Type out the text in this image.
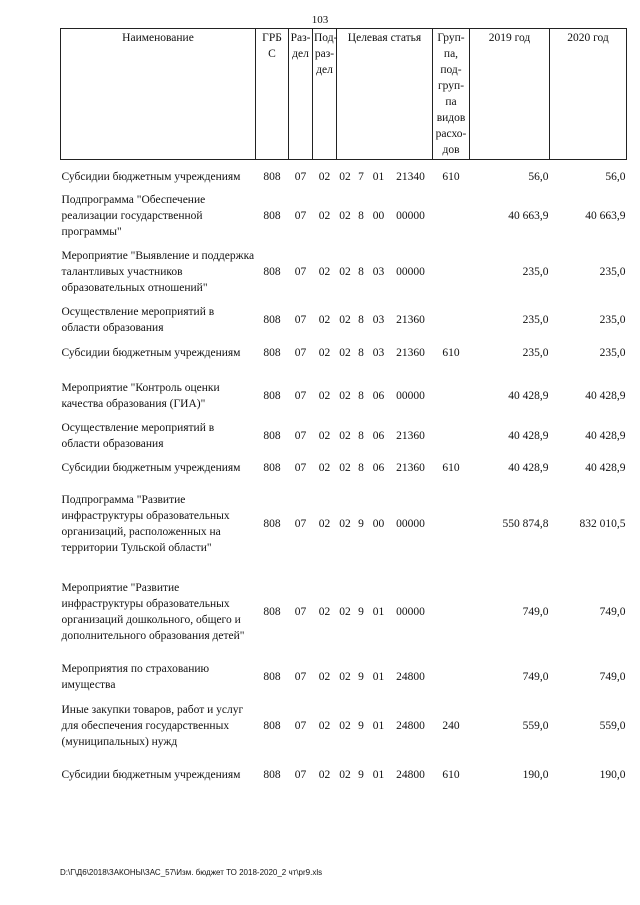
103
Наименование	ГРБ С	Раз- дел	Под- раз- дел	Целевая статья				Груп- па, под- груп- па видов расхо- дов	2019 год	2020 год
Субсидии бюджетным учреждениям	808	07	02	02	7	01	21340	610	56,0	56,0
Подпрограмма "Обеспечение реализации государственной программы"	808	07	02	02	8	00	00000		40 663,9	40 663,9
Мероприятие "Выявление и поддержка талантливых участников образовательных отношений"	808	07	02	02	8	03	00000		235,0	235,0
Осуществление мероприятий в области образования	808	07	02	02	8	03	21360		235,0	235,0
Субсидии бюджетным учреждениям	808	07	02	02	8	03	21360	610	235,0	235,0
Мероприятие "Контроль оценки качества образования (ГИА)"	808	07	02	02	8	06	00000		40 428,9	40 428,9
Осуществление мероприятий в области образования	808	07	02	02	8	06	21360		40 428,9	40 428,9
Субсидии бюджетным учреждениям	808	07	02	02	8	06	21360	610	40 428,9	40 428,9
Подпрограмма "Развитие инфраструктуры образовательных организаций, расположенных на территории Тульской области"	808	07	02	02	9	00	00000		550 874,8	832 010,5
Мероприятие "Развитие инфраструктуры образовательных организаций дошкольного, общего и дополнительного образования детей"	808	07	02	02	9	01	00000		749,0	749,0
Мероприятия по страхованию имущества	808	07	02	02	9	01	24800		749,0	749,0
Иные закупки товаров, работ и услуг для обеспечения государственных (муниципальных) нужд	808	07	02	02	9	01	24800	240	559,0	559,0
Субсидии бюджетным учреждениям	808	07	02	02	9	01	24800	610	190,0	190,0
D:\Г\Д6\2018\ЗАКОНЫ\ЗАС_57\Изм. бюджет ТО 2018-2020_2 чт\pr9.xls
